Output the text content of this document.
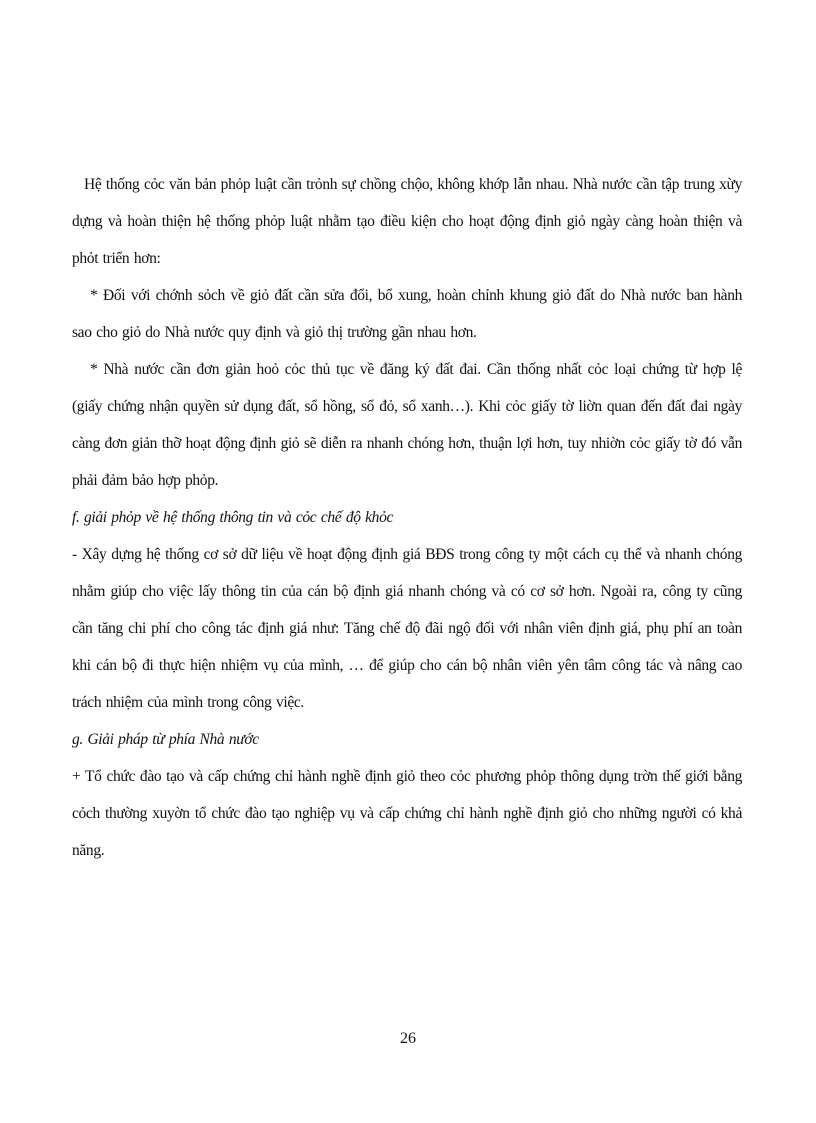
Hệ thống cỏc văn bản phỏp luật cần trỏnh sự chồng chộo, không khớp lẫn nhau. Nhà nước cần tập trung xừy dựng và hoàn thiện hệ thống phỏp luật nhằm tạo điều kiện cho hoạt động định giỏ ngày càng hoàn thiện và phỏt triển hơn:

* Đối với chớnh sỏch về giỏ đất cần sửa đổi, bổ xung, hoàn chỉnh khung giỏ đất do Nhà nước ban hành sao cho giỏ do Nhà nước quy định và giỏ thị trường gần nhau hơn.

* Nhà nước cần đơn giản hoỏ cỏc thủ tục về đăng ký đất đai. Cần thống nhất cỏc loại chứng từ hợp lệ (giấy chứng nhận quyền sử dụng đất, sổ hồng, sổ đỏ, sổ xanh…). Khi cỏc giấy tờ liờn quan đến đất đai ngày càng đơn giản thỡ hoạt động định giỏ sẽ diễn ra nhanh chóng hơn, thuận lợi hơn, tuy nhiờn cỏc giấy tờ đó vẫn phải đảm bảo hợp phỏp.

f. giải phỏp về hệ thống thông tin và cỏc chế độ khỏc

- Xây dựng hệ thống cơ sở dữ liệu về hoạt động định giá BĐS trong công ty một cách cụ thể và nhanh chóng nhằm giúp cho việc lấy thông tin của cán bộ định giá nhanh chóng và có cơ sở hơn. Ngoài ra, công ty cũng cần tăng chi phí cho công tác định giá như: Tăng chế độ đãi ngộ đối với nhân viên định giá, phụ phí an toàn khi cán bộ đi thực hiện nhiệm vụ của mình, … để giúp cho cán bộ nhân viên yên tâm công tác và nâng cao trách nhiệm của mình trong công việc.

g. Giải pháp từ phía Nhà nước

+ Tổ chức đào tạo và cấp chứng chỉ hành nghề định giỏ theo cỏc phương phỏp thông dụng trờn thế giới bằng cỏch thường xuyờn tổ chức đào tạo nghiệp vụ và cấp chứng chỉ hành nghề định giỏ cho những người có khả năng.

26
